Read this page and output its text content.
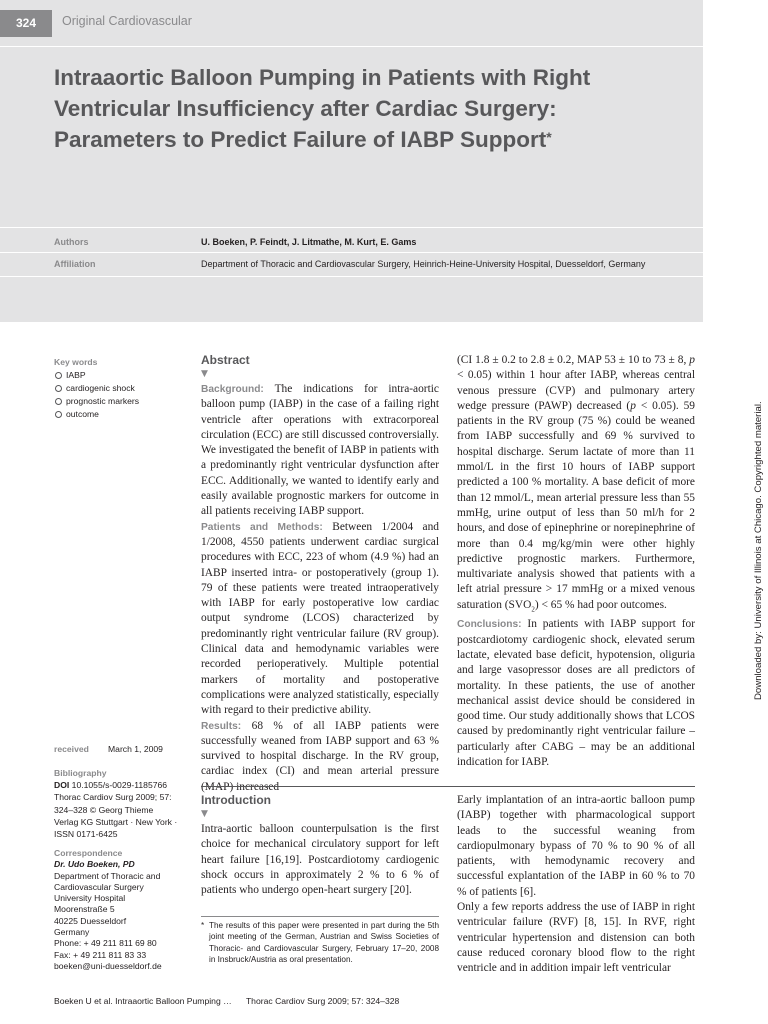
324	Original Cardiovascular
Intraaortic Balloon Pumping in Patients with Right Ventricular Insufficiency after Cardiac Surgery: Parameters to Predict Failure of IABP Support*
Authors	U. Boeken, P. Feindt, J. Litmathe, M. Kurt, E. Gams
Affiliation	Department of Thoracic and Cardiovascular Surgery, Heinrich-Heine-University Hospital, Duesseldorf, Germany
Key words
IABP
cardiogenic shock
prognostic markers
outcome
received March 1, 2009
Bibliography
DOI 10.1055/s-0029-1185766
Thorac Cardiov Surg 2009; 57:
324–328 © Georg Thieme
Verlag KG Stuttgart · New York ·
ISSN 0171-6425
Correspondence
Dr. Udo Boeken, PD
Department of Thoracic and
Cardiovascular Surgery
University Hospital
Moorenstraße 5
40225 Duesseldorf
Germany
Phone: + 49 211 811 69 80
Fax: + 49 211 811 83 33
boeken@uni-duesseldorf.de
Abstract
▼

Background: The indications for intra-aortic balloon pump (IABP) in the case of a failing right ventricle after operations with extracorporeal circulation (ECC) are still discussed controversially. We investigated the benefit of IABP in patients with a predominantly right ventricular dysfunction after ECC. Additionally, we wanted to identify early and easily available prognostic markers for outcome in all patients receiving IABP support.

Patients and Methods: Between 1/2004 and 1/2008, 4550 patients underwent cardiac surgical procedures with ECC, 223 of whom (4.9 %) had an IABP inserted intra- or postoperatively (group 1). 79 of these patients were treated intraoperatively with IABP for early postoperative low cardiac output syndrome (LCOS) characterized by predominantly right ventricular failure (RV group). Clinical data and hemodynamic variables were recorded perioperatively. Multiple potential markers of mortality and postoperative complications were analyzed statistically, especially with regard to their predictive ability.

Results: 68 % of all IABP patients were successfully weaned from IABP support and 63 % survived to hospital discharge. In the RV group, cardiac index (CI) and mean arterial pressure

(CI 1.8 ± 0.2 to 2.8 ± 0.2, MAP 53 ± 10 to 73 ± 8, p < 0.05) within 1 hour after IABP, whereas central venous pressure (CVP) and pulmonary artery wedge pressure (PAWP) decreased (p < 0.05). 59 patients in the RV group (75 %) could be weaned from IABP successfully and 69 % survived to hospital discharge. Serum lactate of more than 11 mmol/L in the first 10 hours of IABP support predicted a 100 % mortality. A base deficit of more than 12 mmol/L, mean arterial pressure less than 55 mmHg, urine output of less than 50 ml/h for 2 hours, and dose of epinephrine or norepinephrine of more than 0.4 mg/kg/min were other highly predictive prognostic markers. Furthermore, multivariate analysis showed that patients with a left atrial pressure > 17 mmHg or a mixed venous saturation $(SVO_2) < 65$ % had poor outcomes.

Conclusions: In patients with IABP support for postcardiotomy cardiogenic shock, elevated serum lactate, elevated base deficit, hypotension, oliguria and large vasopressor doses are all predictors of mortality. In these patients, the use of another mechanical assist device should be considered in good time. Our study additionally shows that LCOS caused by predominantly right ventricular failure – particularly after CABG – may be an additional indication for IABP.

Introduction
▼

Intra-aortic balloon counterpulsation is the first choice for mechanical circulatory support for left heart failure [16,19]. Postcardiotomy cardiogenic shock occurs in approximately 2 % to 6 % of patients who undergo open-heart surgery [20].

Early implantation of an intra-aortic balloon pump (IABP) together with pharmacological support leads to the successful weaning from cardiopulmonary bypass of 70 % to 90 % of all patients, with hemodynamic recovery and successful explantation of the IABP in 60 % to 70 % of patients [6].

Only a few reports address the use of IABP in right ventricular failure (RVF) [8, 15]. In RVF, right ventricular hypertension and distension can both cause reduced coronary blood flow to the right ventricle and in addition impair left ventricular

* The results of this paper were presented in part during the 5th joint meeting of the German, Austrian and Swiss Societies of Thoracic- and Cardiovascular Surgery, February 17–20, 2008 in Insbruck/Austria as oral presentation.
Boeken U et al. Intraaortic Balloon Pumping … Thorac Cardiov Surg 2009; 57: 324–328
Downloaded by: University of Illinois at Chicago. Copyrighted material.
